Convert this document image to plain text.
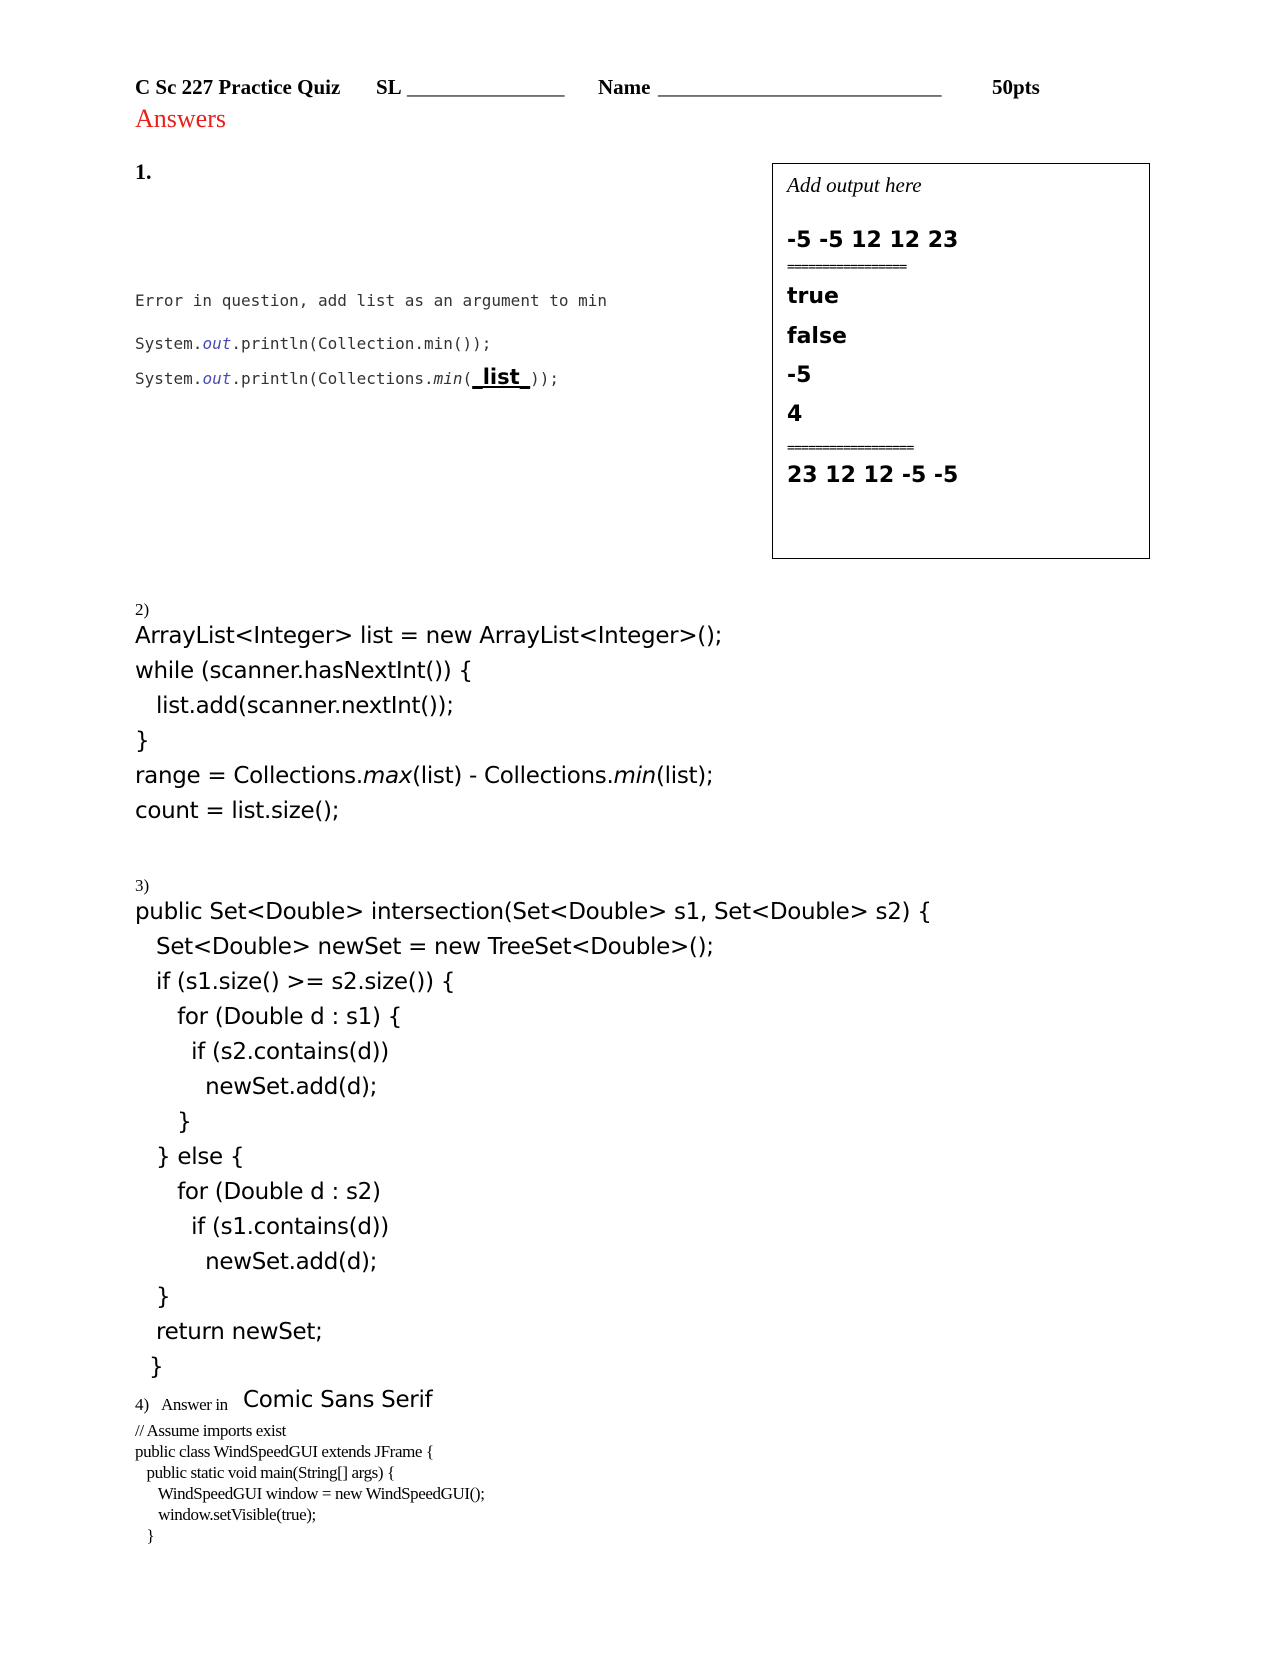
C Sc 227 Practice Quiz SL _______________ Name ___________________________ 50pts
Answers
1.
Error in question, add list as an argument to min
System.out.println(Collection.min());
System.out.println(Collections.min(_list_));
Add output here
-5 -5 12 12 23
=================
true
false
-5
4
==================
23 12 12 -5 -5
2)
ArrayList<Integer> list = new ArrayList<Integer>();
while (scanner.hasNextInt()) {
list.add(scanner.nextInt());
}
range = Collections.max(list) - Collections.min(list);
count = list.size();
3)
public Set<Double> intersection(Set<Double> s1, Set<Double> s2) {
Set<Double> newSet = new TreeSet<Double>();
if (s1.size() >= s2.size()) {
for (Double d : s1) {
if (s2.contains(d))
newSet.add(d);
}
} else {
for (Double d : s2)
if (s1.contains(d))
newSet.add(d);
}
return newSet;
}
4) Answer in Comic Sans Serif
// Assume imports exist
public class WindSpeedGUI extends JFrame {
public static void main(String[] args) {
WindSpeedGUI window = new WindSpeedGUI();
window.setVisible(true);
}
